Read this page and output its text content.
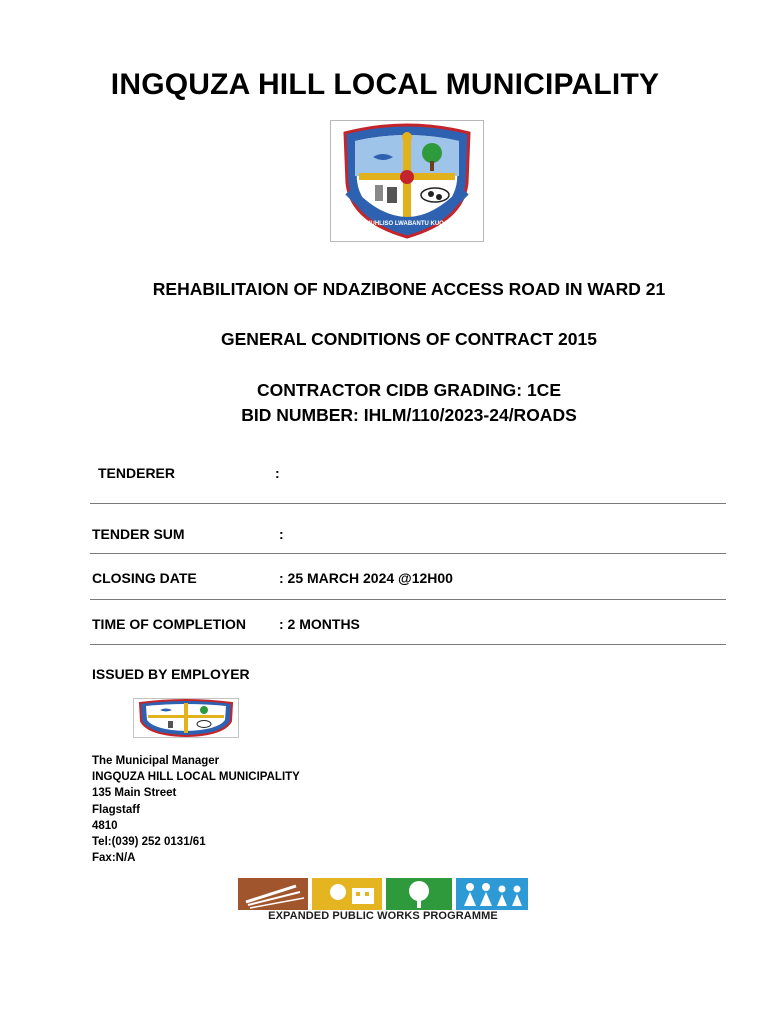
INGQUZA HILL LOCAL MUNICIPALITY
UPHUHLISO LWABANTU KUQALA
REHABILITAION OF NDAZIBONE ACCESS ROAD IN WARD 21
GENERAL CONDITIONS OF CONTRACT 2015
CONTRACTOR CIDB GRADING: 1CE
BID NUMBER: IHLM/110/2023-24/ROADS
TENDERER	:
TENDER SUM	:
CLOSING DATE	: 25 MARCH 2024 @12H00
TIME OF COMPLETION : 2 MONTHS
ISSUED BY EMPLOYER
The Municipal Manager
INGQUZA HILL LOCAL MUNICIPALITY
135 Main Street
Flagstaff
4810
Tel:(039) 252 0131/61
Fax:N/A
EXPANDED PUBLIC WORKS PROGRAMME
